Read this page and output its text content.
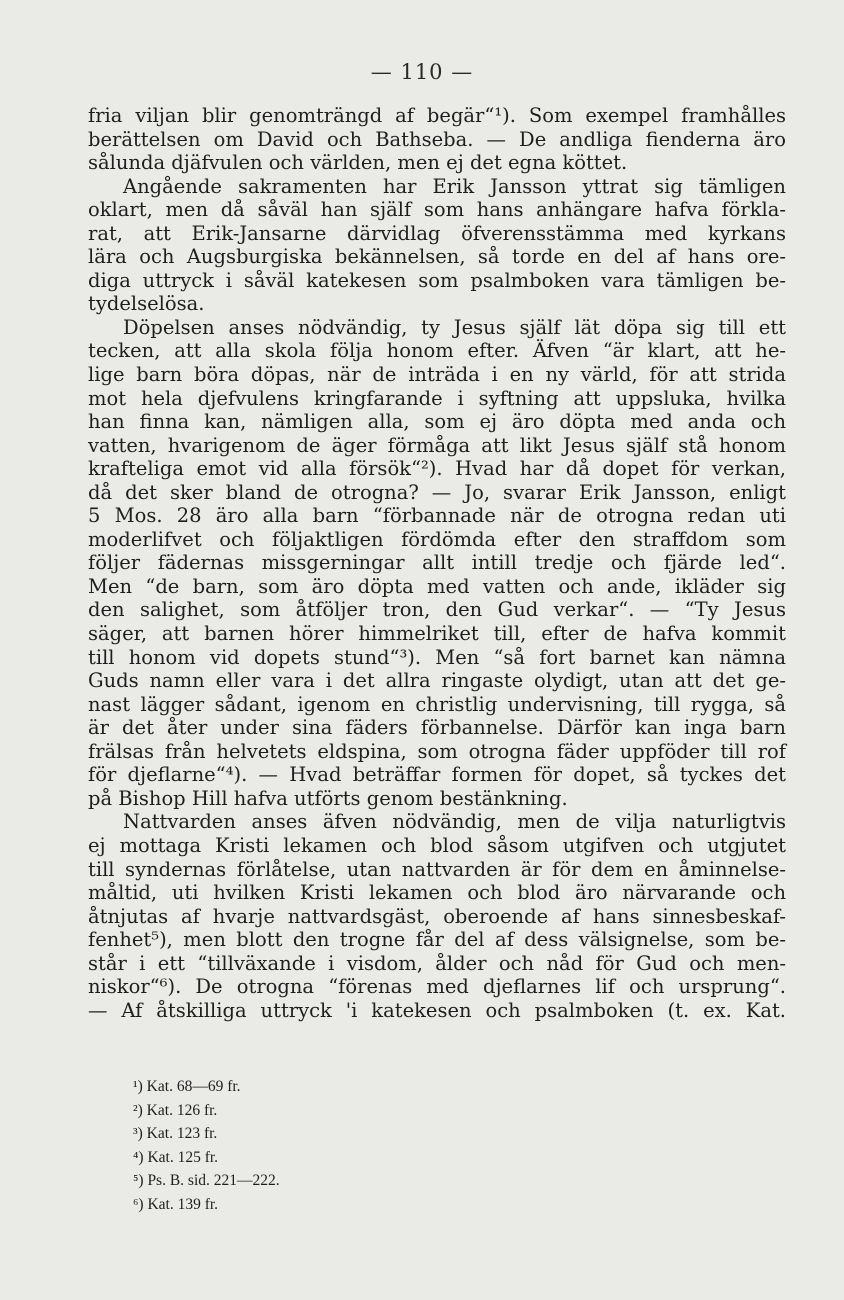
— 110 —
fria viljan blir genomträngd af begär“¹). Som exempel framhålles
berättelsen om David och Bathseba. — De andliga fienderna äro
sålunda djäfvulen och världen, men ej det egna köttet.
Angående sakramenten har Erik Jansson yttrat sig tämligen
oklart, men då såväl han själf som hans anhängare hafva förkla-
rat, att Erik-Jansarne därvidlag öfverensstämma med kyrkans
lära och Augsburgiska bekännelsen, så torde en del af hans ore-
diga uttryck i såväl katekesen som psalmboken vara tämligen be-
tydelselösa.
Döpelsen anses nödvändig, ty Jesus själf lät döpa sig till ett
tecken, att alla skola följa honom efter. Äfven “är klart, att he-
lige barn böra döpas, när de inträda i en ny värld, för att strida
mot hela djefvulens kringfarande i syftning att uppsluka, hvilka
han finna kan, nämligen alla, som ej äro döpta med anda och
vatten, hvarigenom de äger förmåga att likt Jesus själf stå honom
krafteliga emot vid alla försök“²). Hvad har då dopet för verkan,
då det sker bland de otrogna? — Jo, svarar Erik Jansson, enligt
5 Mos. 28 äro alla barn “förbannade när de otrogna redan uti
moderlifvet och följaktligen fördömda efter den straffdom som
följer fädernas missgerningar allt intill tredje och fjärde led“.
Men “de barn, som äro döpta med vatten och ande, ikläder sig
den salighet, som åtföljer tron, den Gud verkar“. — “Ty Jesus
säger, att barnen hörer himmelriket till, efter de hafva kommit
till honom vid dopets stund“³). Men “så fort barnet kan nämna
Guds namn eller vara i det allra ringaste olydigt, utan att det ge-
nast lägger sådant, igenom en christlig undervisning, till rygga, så
är det åter under sina fäders förbannelse. Därför kan inga barn
frälsas från helvetets eldspina, som otrogna fäder uppföder till rof
för djeflarne“⁴). — Hvad beträffar formen för dopet, så tyckes det
på Bishop Hill hafva utförts genom bestänkning.
Nattvarden anses äfven nödvändig, men de vilja naturligtvis
ej mottaga Kristi lekamen och blod såsom utgifven och utgjutet
till syndernas förlåtelse, utan nattvarden är för dem en åminnelse-
måltid, uti hvilken Kristi lekamen och blod äro närvarande och
åtnjutas af hvarje nattvardsgäst, oberoende af hans sinnesbeskaf-
fenhet⁵), men blott den trogne får del af dess välsignelse, som be-
står i ett “tillväxande i visdom, ålder och nåd för Gud och men-
niskor“⁶). De otrogna “förenas med djeflarnes lif och ursprung“.
— Af åtskilliga uttryck 'i katekesen och psalmboken (t. ex. Kat.
¹) Kat. 68—69 fr.
²) Kat. 126 fr.
³) Kat. 123 fr.
⁴) Kat. 125 fr.
⁵) Ps. B. sid. 221—222.
⁶) Kat. 139 fr.
